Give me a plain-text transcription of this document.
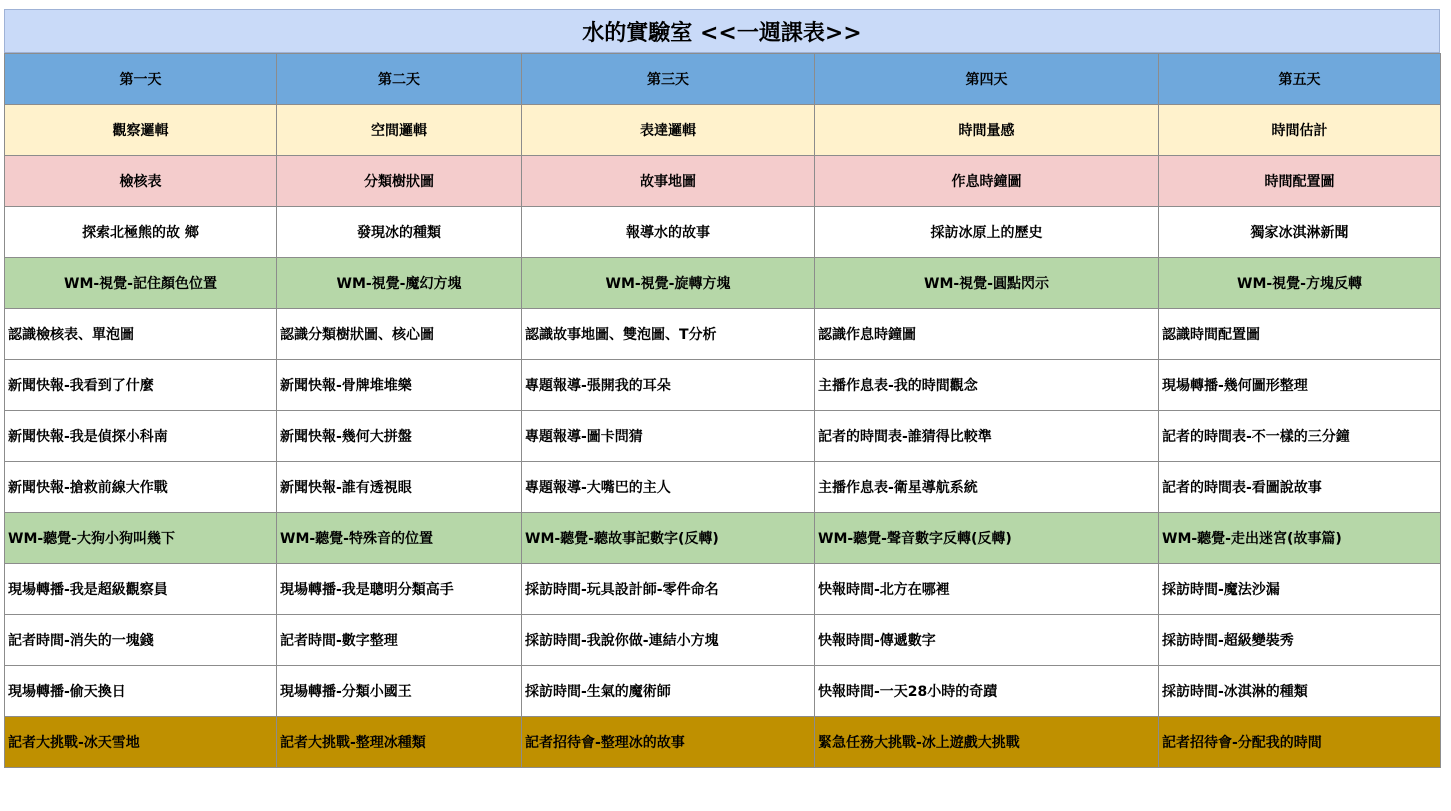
水的實驗室 <<一週課表>>
第一天	第二天	第三天	第四天	第五天
觀察邏輯	空間邏輯	表達邏輯	時間量感	時間估計
檢核表	分類樹狀圖	故事地圖	作息時鐘圖	時間配置圖
探索北極熊的故 鄉	發現冰的種類	報導水的故事	採訪冰原上的歷史	獨家冰淇淋新聞
WM-視覺-記住顏色位置	WM-視覺-魔幻方塊	WM-視覺-旋轉方塊	WM-視覺-圓點閃示	WM-視覺-方塊反轉
認識檢核表、單泡圖	認識分類樹狀圖、核心圖	認識故事地圖、雙泡圖、T分析	認識作息時鐘圖	認識時間配置圖
新聞快報-我看到了什麼	新聞快報-骨牌堆堆樂	專題報導-張開我的耳朵	主播作息表-我的時間觀念	現場轉播-幾何圖形整理
新聞快報-我是偵探小科南	新聞快報-幾何大拼盤	專題報導-圖卡問猜	記者的時間表-誰猜得比較準	記者的時間表-不一樣的三分鐘
新聞快報-搶救前線大作戰	新聞快報-誰有透視眼	專題報導-大嘴巴的主人	主播作息表-衛星導航系統	記者的時間表-看圖說故事
WM-聽覺-大狗小狗叫幾下	WM-聽覺-特殊音的位置	WM-聽覺-聽故事記數字(反轉)	WM-聽覺-聲音數字反轉(反轉)	WM-聽覺-走出迷宮(故事篇)
現場轉播-我是超級觀察員	現場轉播-我是聰明分類高手	採訪時間-玩具設計師-零件命名	快報時間-北方在哪裡	採訪時間-魔法沙漏
記者時間-消失的一塊錢	記者時間-數字整理	採訪時間-我說你做-連結小方塊	快報時間-傳遞數字	採訪時間-超級變裝秀
現場轉播-偷天換日	現場轉播-分類小國王	採訪時間-生氣的魔術師	快報時間-一天28小時的奇蹟	採訪時間-冰淇淋的種類
記者大挑戰-冰天雪地	記者大挑戰-整理冰種類	記者招待會-整理冰的故事	緊急任務大挑戰-冰上遊戲大挑戰	記者招待會-分配我的時間
